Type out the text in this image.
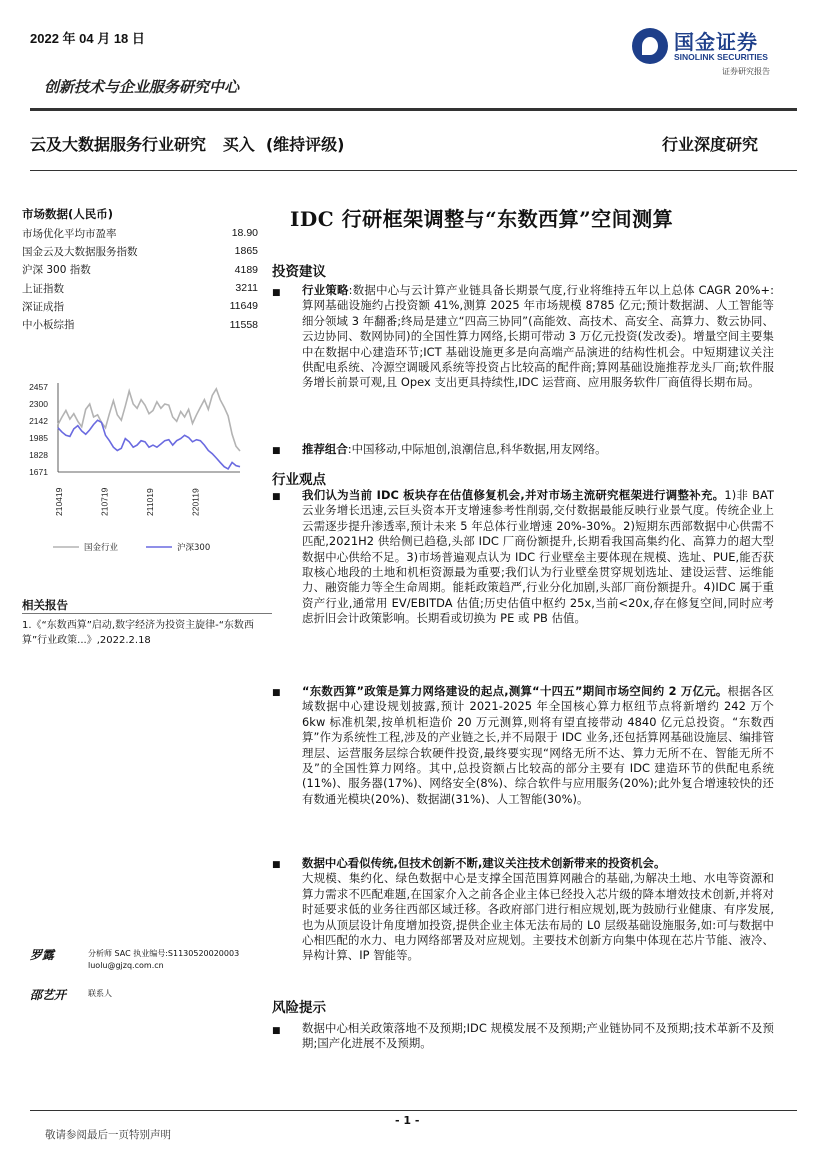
2022 年 04 月 18 日	国金证券
SINOLINK SECURITIES
证券研究报告
创新技术与企业服务研究中心
云及大数据服务行业研究   买入  (维持评级)	行业深度研究
IDC 行研框架调整与“东数西算”空间测算
市场数据(人民币)
市场优化平均市盈率	18.90
国金云及大数据服务指数	1865
沪深 300 指数	4189
上证指数	3211
深证成指	11649
中小板综指	11558
2457
2300
2142
1985
1828
1671
210419	210719	211019	220119
国金行业	沪深300
相关报告
1.《“东数西算”启动,数字经济为投资主旋律-“东数西算”行业政策...》,2022.2.18
罗露	分析师 SAC 执业编号:S1130520020003
luolu@gjzq.com.cn
邵艺开	联系人
投资建议
■ 行业策略:数据中心与云计算产业链具备长期景气度,行业将维持五年以上总体 CAGR 20%+:算网基础设施约占投资额 41%,测算 2025 年市场规模 8785 亿元;预计数据湖、人工智能等细分领域 3 年翻番;终局是建立“四高三协同”(高能效、高技术、高安全、高算力、数云协同、云边协同、数网协同)的全国性算力网络,长期可带动 3 万亿元投资(发改委)。增量空间主要集中在数据中心建造环节;ICT 基础设施更多是向高端产品演进的结构性机会。中短期建议关注供配电系统、冷源空调暖风系统等投资占比较高的配件商;算网基础设施推荐龙头厂商;软件服务增长前景可观,且 Opex 支出更具持续性,IDC 运营商、应用服务软件厂商值得长期布局。
■ 推荐组合:中国移动,中际旭创,浪潮信息,科华数据,用友网络。
行业观点
■ 我们认为当前 IDC 板块存在估值修复机会,并对市场主流研究框架进行调整补充。1)非 BAT 云业务增长迅速,云巨头资本开支增速参考性削弱,交付数据最能反映行业景气度。传统企业上云需逐步提升渗透率,预计未来 5 年总体行业增速 20%-30%。2)短期东西部数据中心供需不匹配,2021H2 供给侧已趋稳,头部 IDC 厂商份额提升,长期看我国高集约化、高算力的超大型数据中心供给不足。3)市场普遍观点认为 IDC 行业壁垒主要体现在规模、选址、PUE,能否获取核心地段的土地和机柜资源最为重要;我们认为行业壁垒贯穿规划选址、建设运营、运维能力、融资能力等全生命周期。能耗政策趋严,行业分化加剧,头部厂商份额提升。4)IDC 属于重资产行业,通常用 EV/EBITDA 估值;历史估值中枢约 25x,当前<20x,存在修复空间,同时应考虑折旧会计政策影响。长期看或切换为 PE 或 PB 估值。
■ “东数西算”政策是算力网络建设的起点,测算“十四五”期间市场空间约 2 万亿元。根据各区域数据中心建设规划披露,预计 2021-2025 年全国核心算力枢纽节点将新增约 242 万个 6kw 标准机架,按单机柜造价 20 万元测算,则将有望直接带动 4840 亿元总投资。“东数西算”作为系统性工程,涉及的产业链之长,并不局限于 IDC 业务,还包括算网基础设施层、编排管理层、运营服务层综合软硬件投资,最终要实现“网络无所不达、算力无所不在、智能无所不及”的全国性算力网络。其中,总投资额占比较高的部分主要有 IDC 建造环节的供配电系统(11%)、服务器(17%)、网络安全(8%)、综合软件与应用服务(20%);此外复合增速较快的还有数通光模块(20%)、数据湖(31%)、人工智能(30%)。
■ 数据中心看似传统,但技术创新不断,建议关注技术创新带来的投资机会。
大规模、集约化、绿色数据中心是支撑全国范围算网融合的基础,为解决土地、水电等资源和算力需求不匹配难题,在国家介入之前各企业主体已经投入芯片级的降本增效技术创新,并将对时延要求低的业务往西部区域迁移。各政府部门进行相应规划,既为鼓励行业健康、有序发展,也为从顶层设计角度增加投资,提供企业主体无法布局的 L0 层级基础设施服务,如:可与数据中心相匹配的水力、电力网络部署及对应规划。主要技术创新方向集中体现在芯片节能、液冷、异构计算、IP 智能等。
风险提示
■ 数据中心相关政策落地不及预期;IDC 规模发展不及预期;产业链协同不及预期;技术革新不及预期;国产化进展不及预期。
- 1 -
敬请参阅最后一页特别声明
